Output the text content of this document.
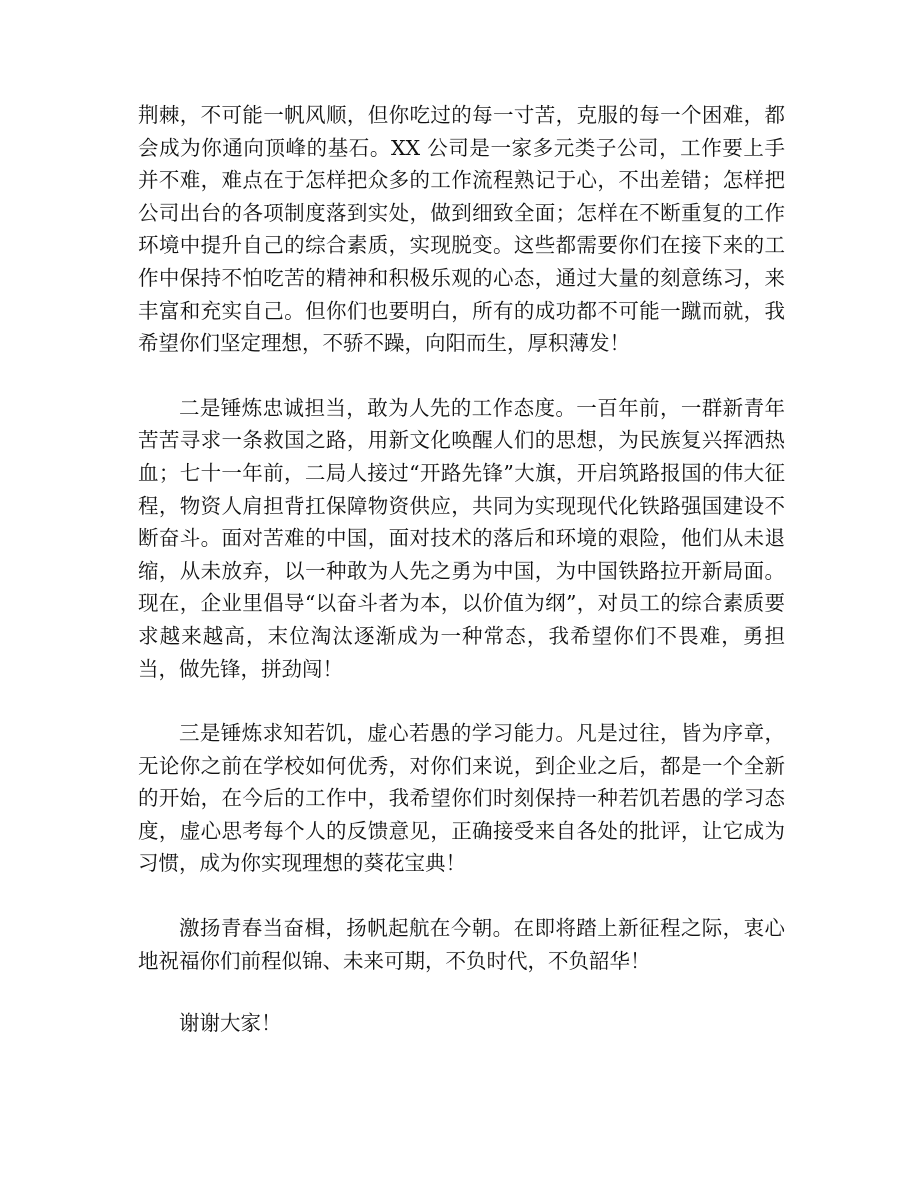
荆棘，不可能一帆风顺，但你吃过的每一寸苦，克服的每一个困难，都会成为你通向顶峰的基石。XX 公司是一家多元类子公司，工作要上手并不难，难点在于怎样把众多的工作流程熟记于心，不出差错；怎样把公司出台的各项制度落到实处，做到细致全面；怎样在不断重复的工作环境中提升自己的综合素质，实现脱变。这些都需要你们在接下来的工作中保持不怕吃苦的精神和积极乐观的心态，通过大量的刻意练习，来丰富和充实自己。但你们也要明白，所有的成功都不可能一蹴而就，我希望你们坚定理想，不骄不躁，向阳而生，厚积薄发！

二是锤炼忠诚担当，敢为人先的工作态度。一百年前，一群新青年苦苦寻求一条救国之路，用新文化唤醒人们的思想，为民族复兴挥洒热血；七十一年前，二局人接过“开路先锋”大旗，开启筑路报国的伟大征程，物资人肩担背扛保障物资供应，共同为实现现代化铁路强国建设不断奋斗。面对苦难的中国，面对技术的落后和环境的艰险，他们从未退缩，从未放弃，以一种敢为人先之勇为中国，为中国铁路拉开新局面。现在，企业里倡导“以奋斗者为本，以价值为纲”，对员工的综合素质要求越来越高，末位淘汰逐渐成为一种常态，我希望你们不畏难，勇担当，做先锋，拼劲闯！

三是锤炼求知若饥，虚心若愚的学习能力。凡是过往，皆为序章，无论你之前在学校如何优秀，对你们来说，到企业之后，都是一个全新的开始，在今后的工作中，我希望你们时刻保持一种若饥若愚的学习态度，虚心思考每个人的反馈意见，正确接受来自各处的批评，让它成为习惯，成为你实现理想的葵花宝典！

激扬青春当奋楫，扬帆起航在今朝。在即将踏上新征程之际，衷心地祝福你们前程似锦、未来可期，不负时代，不负韶华！

谢谢大家！
